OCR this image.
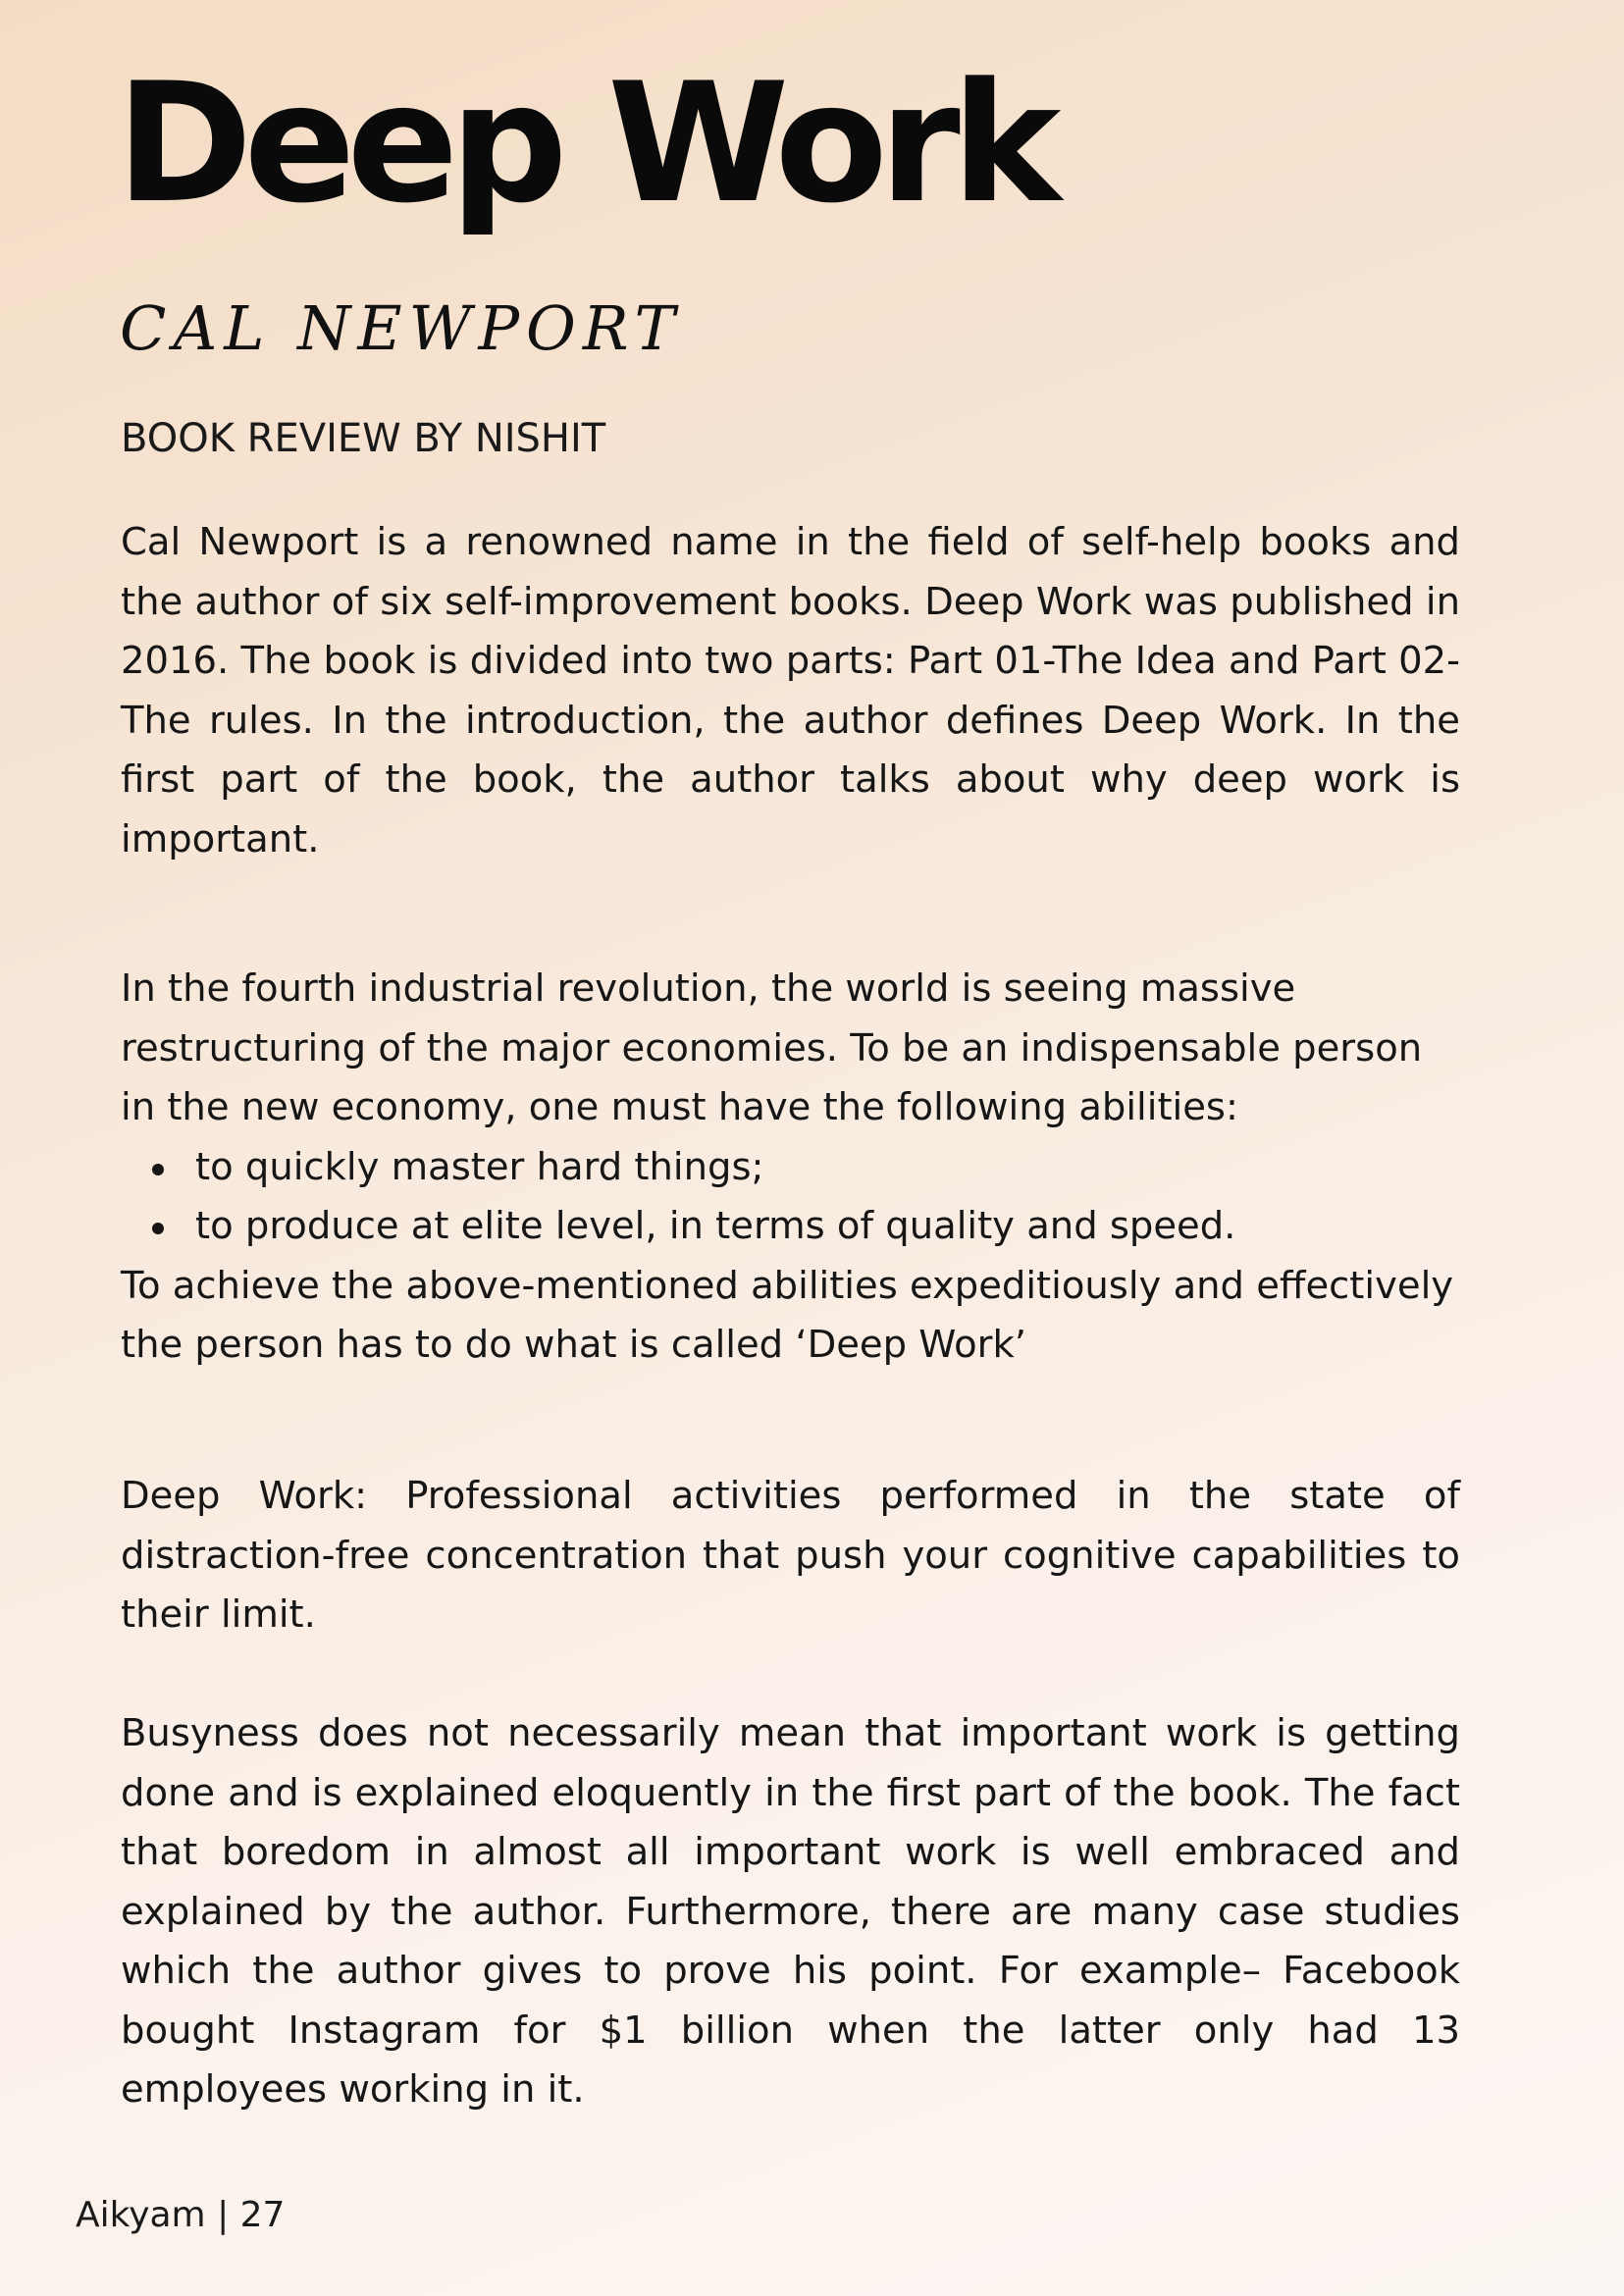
Deep Work
CAL NEWPORT

BOOK REVIEW BY NISHIT

Cal Newport is a renowned name in the field of self-help books and the author of six self-improvement books. Deep Work was published in 2016. The book is divided into two parts: Part 01-The Idea and Part 02- The rules. In the introduction, the author defines Deep Work. In the first part of the book, the author talks about why deep work is important.

In the fourth industrial revolution, the world is seeing massive restructuring of the major economies. To be an indispensable person in the new economy, one must have the following abilities:

to quickly master hard things;
to produce at elite level, in terms of quality and speed.

To achieve the above-mentioned abilities expeditiously and effectively the person has to do what is called ‘Deep Work’

Deep Work: Professional activities performed in the state of distraction-free concentration that push your cognitive capabilities to their limit.

Busyness does not necessarily mean that important work is getting done and is explained eloquently in the first part of the book. The fact that boredom in almost all important work is well embraced and explained by the author. Furthermore, there are many case studies which the author gives to prove his point. For example– Facebook bought Instagram for $1 billion when the latter only had 13 employees working in it.

Aikyam | 27
